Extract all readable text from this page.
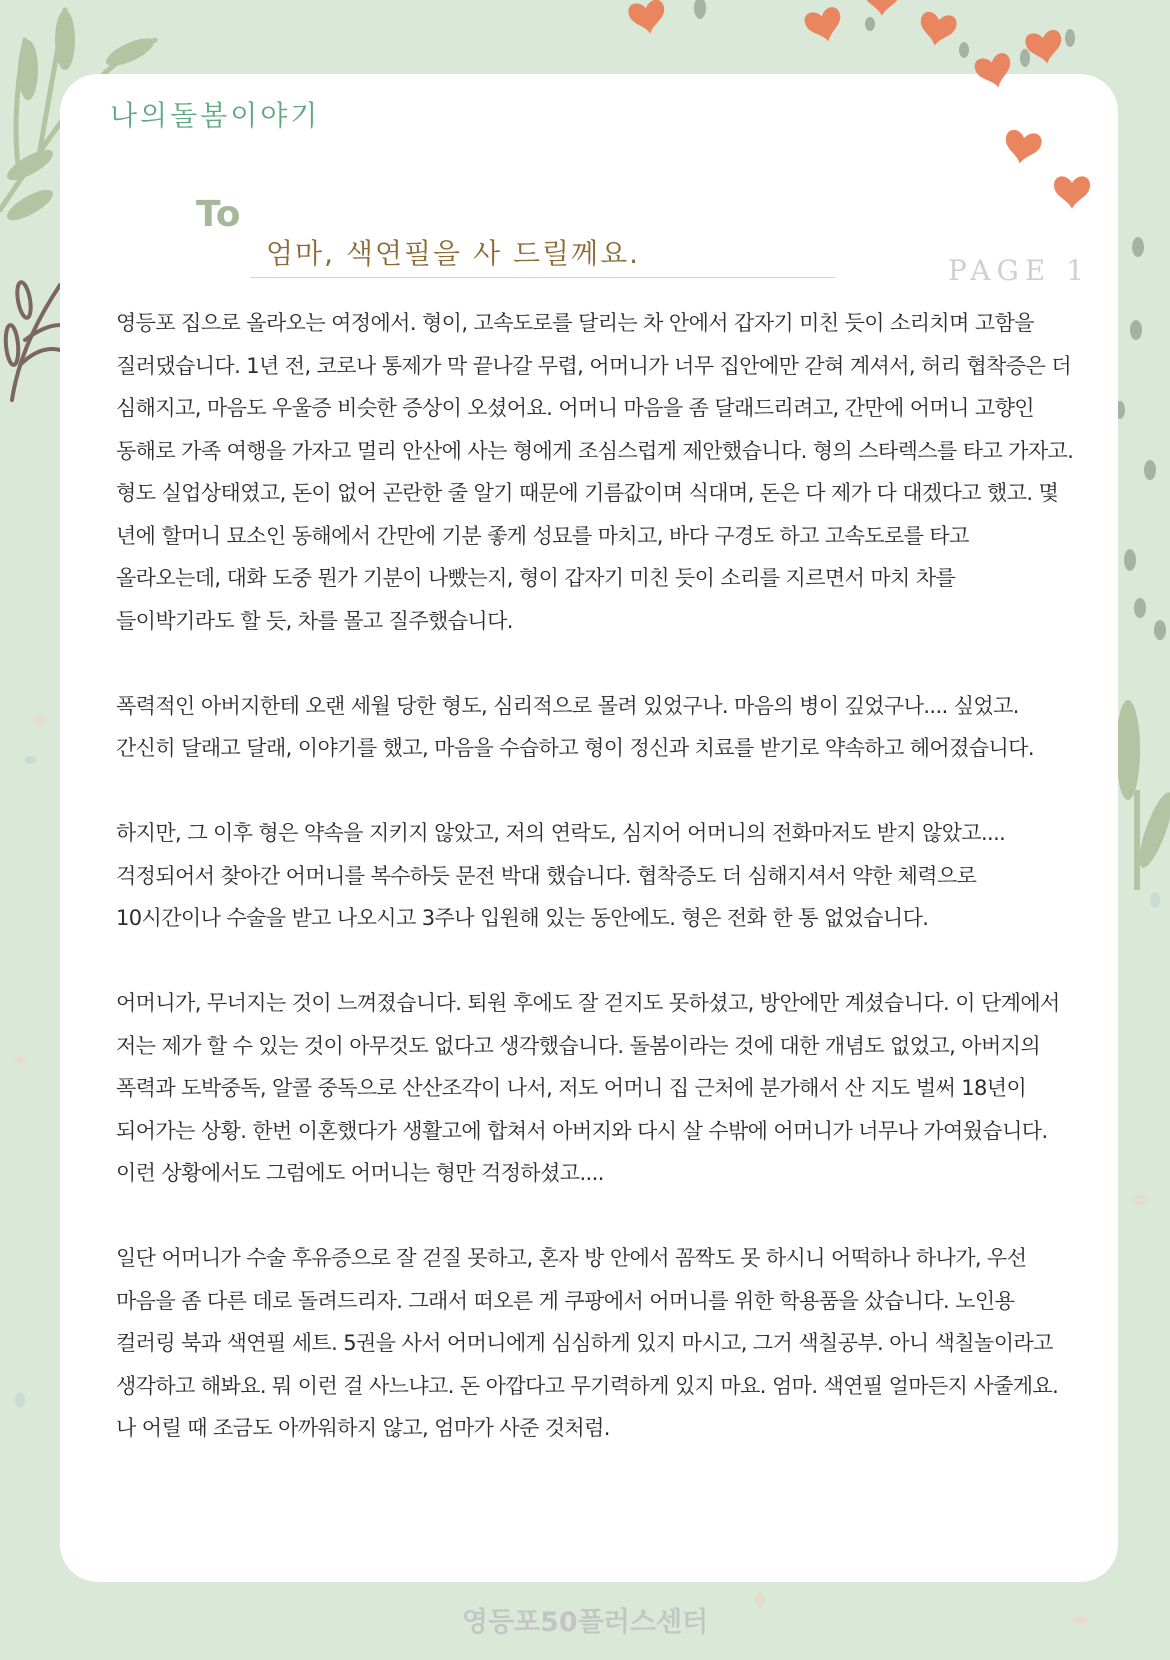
나의돌봄이야기
To
엄마, 색연필을 사 드릴께요.
PAGE 1

영등포 집으로 올라오는 여정에서. 형이, 고속도로를 달리는 차 안에서 갑자기 미친 듯이 소리치며 고함을 질러댔습니다. 1년 전, 코로나 통제가 막 끝나갈 무렵, 어머니가 너무 집안에만 갇혀 계셔서, 허리 협착증은 더 심해지고, 마음도 우울증 비슷한 증상이 오셨어요. 어머니 마음을 좀 달래드리려고, 간만에 어머니 고향인 동해로 가족 여행을 가자고 멀리 안산에 사는 형에게 조심스럽게 제안했습니다. 형의 스타렉스를 타고 가자고. 형도 실업상태였고, 돈이 없어 곤란한 줄 알기 때문에 기름값이며 식대며, 돈은 다 제가 다 대겠다고 했고. 몇 년에 할머니 묘소인 동해에서 간만에 기분 좋게 성묘를 마치고, 바다 구경도 하고 고속도로를 타고 올라오는데, 대화 도중 뭔가 기분이 나빴는지, 형이 갑자기 미친 듯이 소리를 지르면서 마치 차를 들이박기라도 할 듯, 차를 몰고 질주했습니다.

폭력적인 아버지한테 오랜 세월 당한 형도, 심리적으로 몰려 있었구나. 마음의 병이 깊었구나.... 싶었고. 간신히 달래고 달래, 이야기를 했고, 마음을 수습하고 형이 정신과 치료를 받기로 약속하고 헤어졌습니다.

하지만, 그 이후 형은 약속을 지키지 않았고, 저의 연락도, 심지어 어머니의 전화마저도 받지 않았고.... 걱정되어서 찾아간 어머니를 복수하듯 문전 박대 했습니다. 협착증도 더 심해지셔서 약한 체력으로 10시간이나 수술을 받고 나오시고 3주나 입원해 있는 동안에도. 형은 전화 한 통 없었습니다.

어머니가, 무너지는 것이 느껴졌습니다. 퇴원 후에도 잘 걷지도 못하셨고, 방안에만 계셨습니다. 이 단계에서 저는 제가 할 수 있는 것이 아무것도 없다고 생각했습니다. 돌봄이라는 것에 대한 개념도 없었고, 아버지의 폭력과 도박중독, 알콜 중독으로 산산조각이 나서, 저도 어머니 집 근처에 분가해서 산 지도 벌써 18년이 되어가는 상황. 한번 이혼했다가 생활고에 합쳐서 아버지와 다시 살 수밖에 어머니가 너무나 가여웠습니다. 이런 상황에서도 그럼에도 어머니는 형만 걱정하셨고....

일단 어머니가 수술 후유증으로 잘 걷질 못하고, 혼자 방 안에서 꼼짝도 못 하시니 어떡하나 하나가, 우선 마음을 좀 다른 데로 돌려드리자. 그래서 떠오른 게 쿠팡에서 어머니를 위한 학용품을 샀습니다. 노인용 컬러링 북과 색연필 세트. 5권을 사서 어머니에게 심심하게 있지 마시고, 그거 색칠공부. 아니 색칠놀이라고 생각하고 해봐요. 뭐 이런 걸 사느냐고. 돈 아깝다고 무기력하게 있지 마요. 엄마. 색연필 얼마든지 사줄게요. 나 어릴 때 조금도 아까워하지 않고, 엄마가 사준 것처럼.

영등포50플러스센터
